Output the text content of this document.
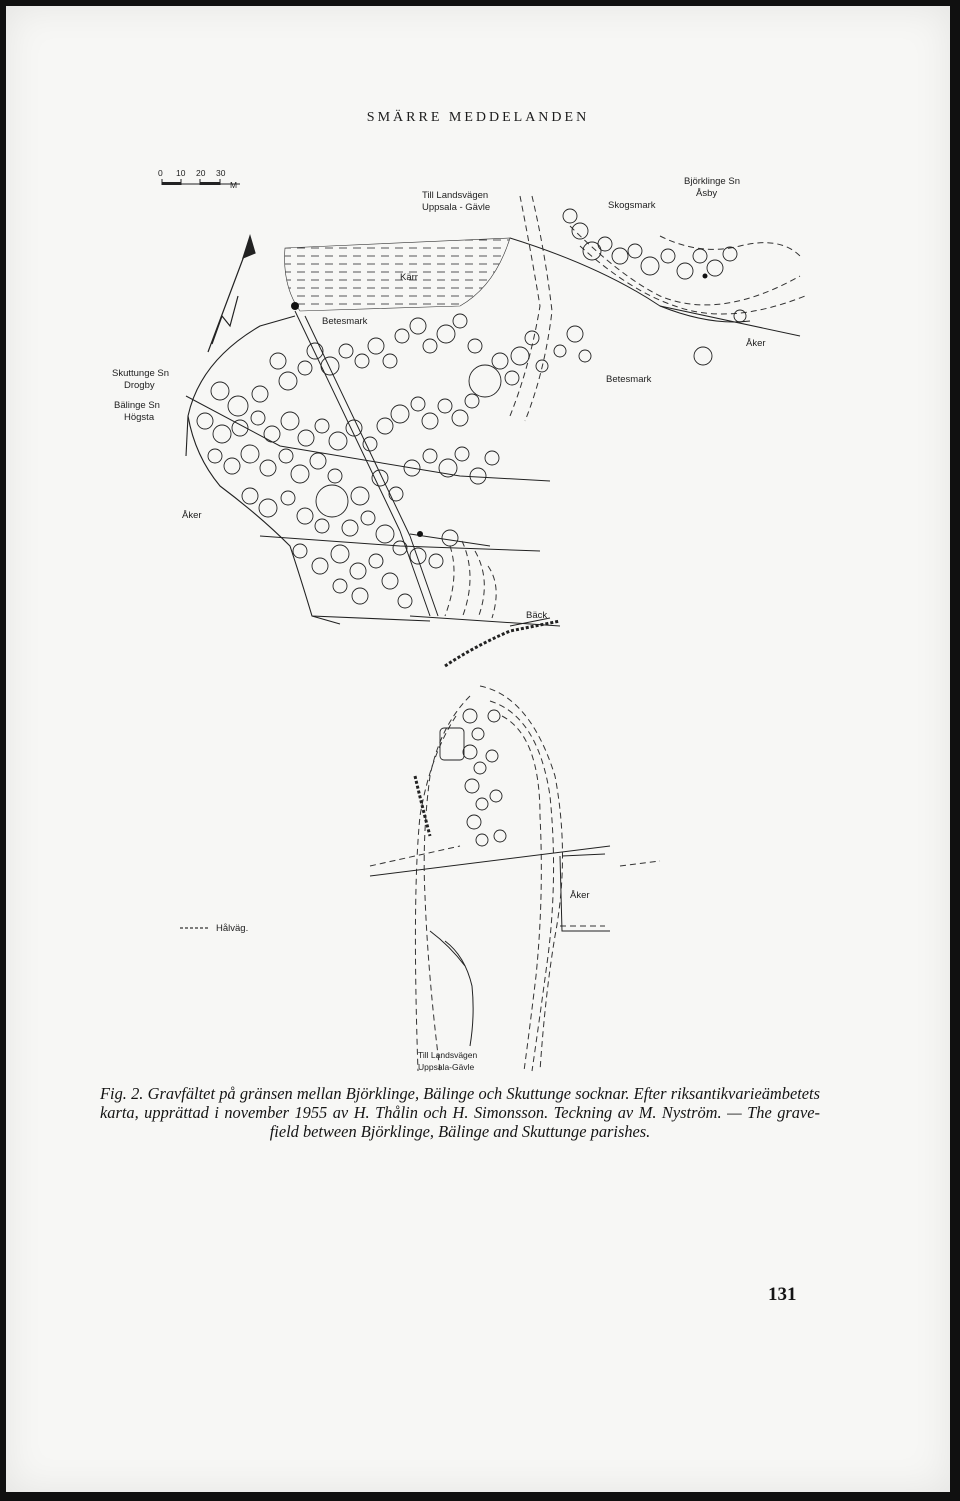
SMÄRRE MEDDELANDEN
0 10 20 30
M
Till Landsvägen
Uppsala - Gävle
Björklinge Sn
Åsby
Skogsmark
Kärr
Betesmark
Betesmark
Skuttunge Sn
Drogby
Bälinge Sn
Högsta
Åker
Åker
Åker
Bäck
Hålväg.
Till Landsvägen
Uppsala-Gävle
Fig. 2. Gravfältet på gränsen mellan Björklinge, Bälinge och Skuttunge socknar. Efter riksantikvarieämbetets karta, upprättad i november 1955 av H. Thålin och H. Simonsson. Teckning av M. Nyström. — The grave-field between Björklinge, Bälinge and Skuttunge parishes.
131
